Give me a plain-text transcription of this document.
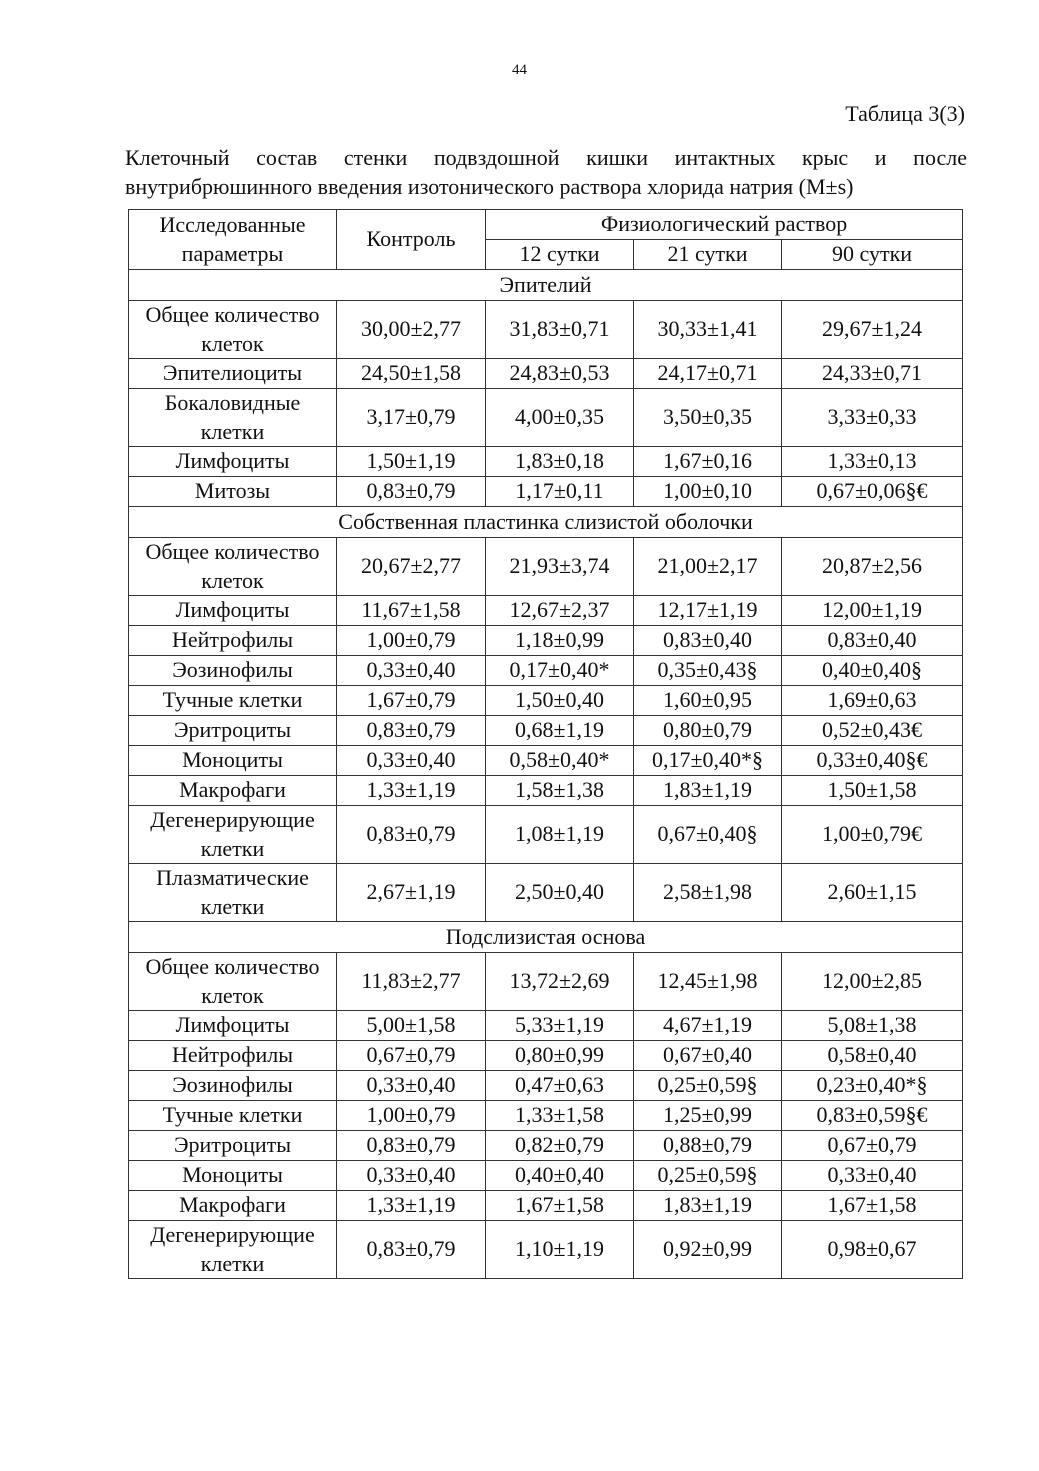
44
Таблица 3(3)
Клеточный состав стенки подвздошной кишки интактных крыс и после внутрибрюшинного введения изотонического раствора хлорида натрия (M±s)
Исследованные параметры	Контроль	Физиологический раствор		
		12 сутки	21 сутки	90 сутки
Эпителий				
Общее количество клеток	30,00±2,77	31,83±0,71	30,33±1,41	29,67±1,24
Эпителиоциты	24,50±1,58	24,83±0,53	24,17±0,71	24,33±0,71
Бокаловидные клетки	3,17±0,79	4,00±0,35	3,50±0,35	3,33±0,33
Лимфоциты	1,50±1,19	1,83±0,18	1,67±0,16	1,33±0,13
Митозы	0,83±0,79	1,17±0,11	1,00±0,10	0,67±0,06§€
Собственная пластинка слизистой оболочки				
Общее количество клеток	20,67±2,77	21,93±3,74	21,00±2,17	20,87±2,56
Лимфоциты	11,67±1,58	12,67±2,37	12,17±1,19	12,00±1,19
Нейтрофилы	1,00±0,79	1,18±0,99	0,83±0,40	0,83±0,40
Эозинофилы	0,33±0,40	0,17±0,40*	0,35±0,43§	0,40±0,40§
Тучные клетки	1,67±0,79	1,50±0,40	1,60±0,95	1,69±0,63
Эритроциты	0,83±0,79	0,68±1,19	0,80±0,79	0,52±0,43€
Моноциты	0,33±0,40	0,58±0,40*	0,17±0,40*§	0,33±0,40§€
Макрофаги	1,33±1,19	1,58±1,38	1,83±1,19	1,50±1,58
Дегенерирующие клетки	0,83±0,79	1,08±1,19	0,67±0,40§	1,00±0,79€
Плазматические клетки	2,67±1,19	2,50±0,40	2,58±1,98	2,60±1,15
Подслизистая основа				
Общее количество клеток	11,83±2,77	13,72±2,69	12,45±1,98	12,00±2,85
Лимфоциты	5,00±1,58	5,33±1,19	4,67±1,19	5,08±1,38
Нейтрофилы	0,67±0,79	0,80±0,99	0,67±0,40	0,58±0,40
Эозинофилы	0,33±0,40	0,47±0,63	0,25±0,59§	0,23±0,40*§
Тучные клетки	1,00±0,79	1,33±1,58	1,25±0,99	0,83±0,59§€
Эритроциты	0,83±0,79	0,82±0,79	0,88±0,79	0,67±0,79
Моноциты	0,33±0,40	0,40±0,40	0,25±0,59§	0,33±0,40
Макрофаги	1,33±1,19	1,67±1,58	1,83±1,19	1,67±1,58
Дегенерирующие клетки	0,83±0,79	1,10±1,19	0,92±0,99	0,98±0,67
